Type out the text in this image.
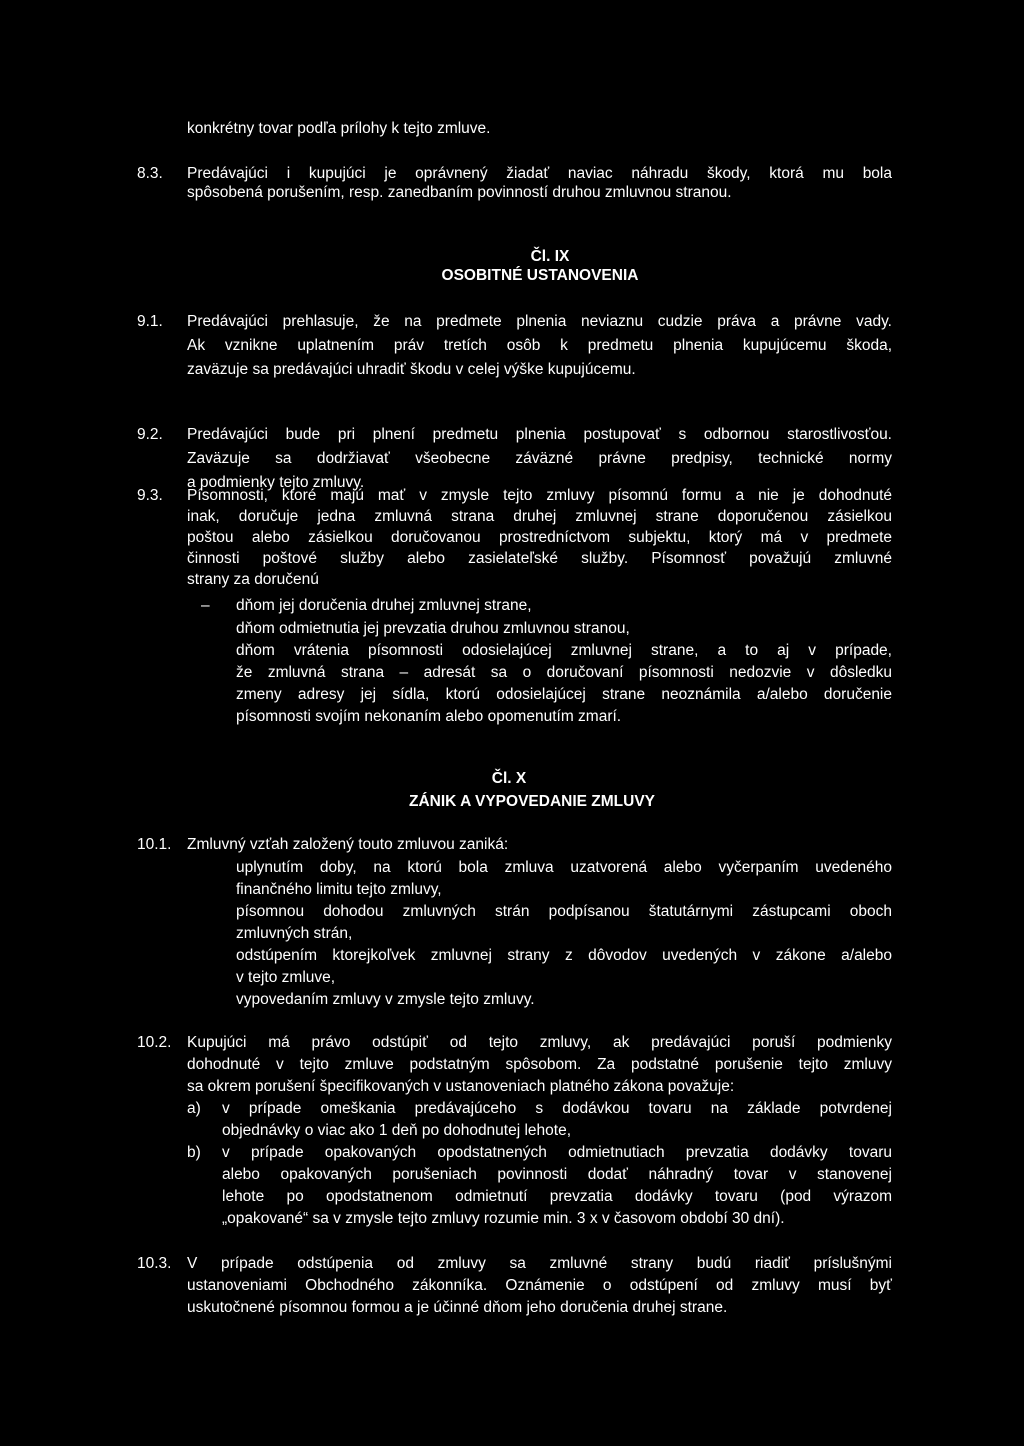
konkrétny tovar podľa prílohy k tejto zmluve.
8.3. Predávajúci i kupujúci je oprávnený žiadať naviac náhradu škody, ktorá mu bola
spôsobená porušením, resp. zanedbaním povinností druhou zmluvnou stranou.
Čl. IX
OSOBITNÉ USTANOVENIA
9.1. Predávajúci prehlasuje, že na predmete plnenia neviaznu cudzie práva a právne vady.
Ak vznikne uplatnením práv tretích osôb k predmetu plnenia kupujúcemu škoda,
zaväzuje sa predávajúci uhradiť škodu v celej výške kupujúcemu.
9.2. Predávajúci bude pri plnení predmetu plnenia postupovať s odbornou starostlivosťou.
Zaväzuje sa dodržiavať všeobecne záväzné právne predpisy, technické normy
a podmienky tejto zmluvy.
9.3. Písomnosti, ktoré majú mať v zmysle tejto zmluvy písomnú formu a nie je dohodnuté
inak, doručuje jedna zmluvná strana druhej zmluvnej strane doporučenou zásielkou
poštou alebo zásielkou doručovanou prostredníctvom subjektu, ktorý má v predmete
činnosti poštové služby alebo zasielateľské služby. Písomnosť považujú zmluvné
strany za doručenú
– dňom jej doručenia druhej zmluvnej strane,
dňom odmietnutia jej prevzatia druhou zmluvnou stranou,
dňom vrátenia písomnosti odosielajúcej zmluvnej strane, a to aj v prípade,
že zmluvná strana – adresát sa o doručovaní písomnosti nedozvie v dôsledku
zmeny adresy jej sídla, ktorú odosielajúcej strane neoznámila a/alebo doručenie
písomnosti svojím nekonaním alebo opomenutím zmarí.
Čl. X
ZÁNIK A VYPOVEDANIE ZMLUVY
10.1. Zmluvný vzťah založený touto zmluvou zaniká:
uplynutím doby, na ktorú bola zmluva uzatvorená alebo vyčerpaním uvedeného
finančného limitu tejto zmluvy,
písomnou dohodou zmluvných strán podpísanou štatutárnymi zástupcami oboch
zmluvných strán,
odstúpením ktorejkoľvek zmluvnej strany z dôvodov uvedených v zákone a/alebo
v tejto zmluve,
vypovedaním zmluvy v zmysle tejto zmluvy.
10.2. Kupujúci má právo odstúpiť od tejto zmluvy, ak predávajúci poruší podmienky
dohodnuté v tejto zmluve podstatným spôsobom. Za podstatné porušenie tejto zmluvy
sa okrem porušení špecifikovaných v ustanoveniach platného zákona považuje:
a) v prípade omeškania predávajúceho s dodávkou tovaru na základe potvrdenej
objednávky o viac ako 1 deň po dohodnutej lehote,
b) v prípade opakovaných opodstatnených odmietnutiach prevzatia dodávky tovaru
alebo opakovaných porušeniach povinnosti dodať náhradný tovar v stanovenej
lehote po opodstatnenom odmietnutí prevzatia dodávky tovaru (pod výrazom
„opakované“ sa v zmysle tejto zmluvy rozumie min. 3 x v časovom období 30 dní).
10.3. V prípade odstúpenia od zmluvy sa zmluvné strany budú riadiť príslušnými
ustanoveniami Obchodného zákonníka. Oznámenie o odstúpení od zmluvy musí byť
uskutočnené písomnou formou a je účinné dňom jeho doručenia druhej strane.
